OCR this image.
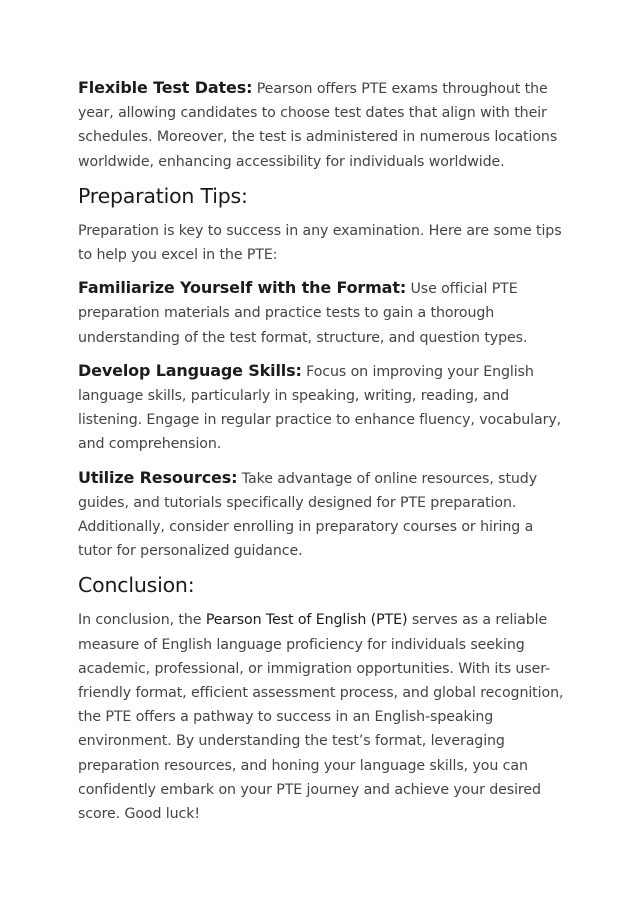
Flexible Test Dates: Pearson offers PTE exams throughout the year, allowing candidates to choose test dates that align with their schedules. Moreover, the test is administered in numerous locations worldwide, enhancing accessibility for individuals worldwide.

Preparation Tips:

Preparation is key to success in any examination. Here are some tips to help you excel in the PTE:

Familiarize Yourself with the Format: Use official PTE preparation materials and practice tests to gain a thorough understanding of the test format, structure, and question types.

Develop Language Skills: Focus on improving your English language skills, particularly in speaking, writing, reading, and listening. Engage in regular practice to enhance fluency, vocabulary, and comprehension.

Utilize Resources: Take advantage of online resources, study guides, and tutorials specifically designed for PTE preparation. Additionally, consider enrolling in preparatory courses or hiring a tutor for personalized guidance.

Conclusion:

In conclusion, the Pearson Test of English (PTE) serves as a reliable measure of English language proficiency for individuals seeking academic, professional, or immigration opportunities. With its user-friendly format, efficient assessment process, and global recognition, the PTE offers a pathway to success in an English-speaking environment. By understanding the test’s format, leveraging preparation resources, and honing your language skills, you can confidently embark on your PTE journey and achieve your desired score. Good luck!
